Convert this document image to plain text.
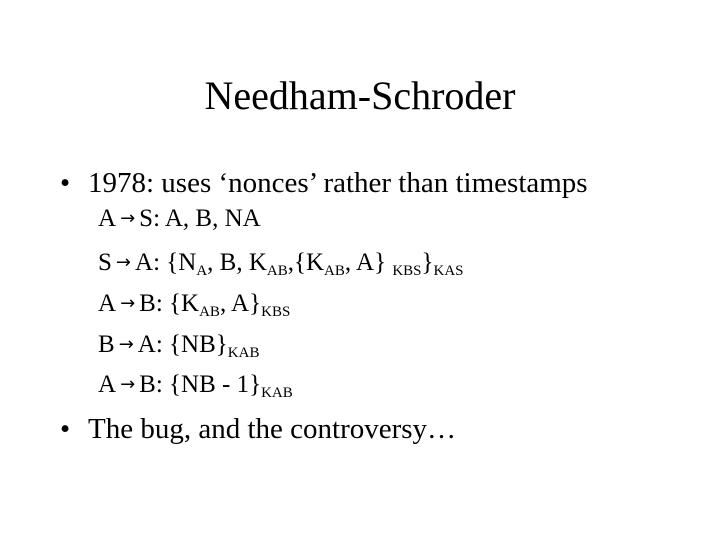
Needham-Schroder
• 1978: uses ‘nonces’ rather than timestamps
A → S: A, B, NA
S → A: {$N_A$, B, $K_{AB},\{K_{AB}$, A} $_{KBS}\}_{KAS}$
A → B: {$K_{AB}$, $A\}_{KBS}$
B → A: $\{NB\}_{KAB}$
A → B: $\{NB - 1\}_{KAB}$
• The bug, and the controversy…
